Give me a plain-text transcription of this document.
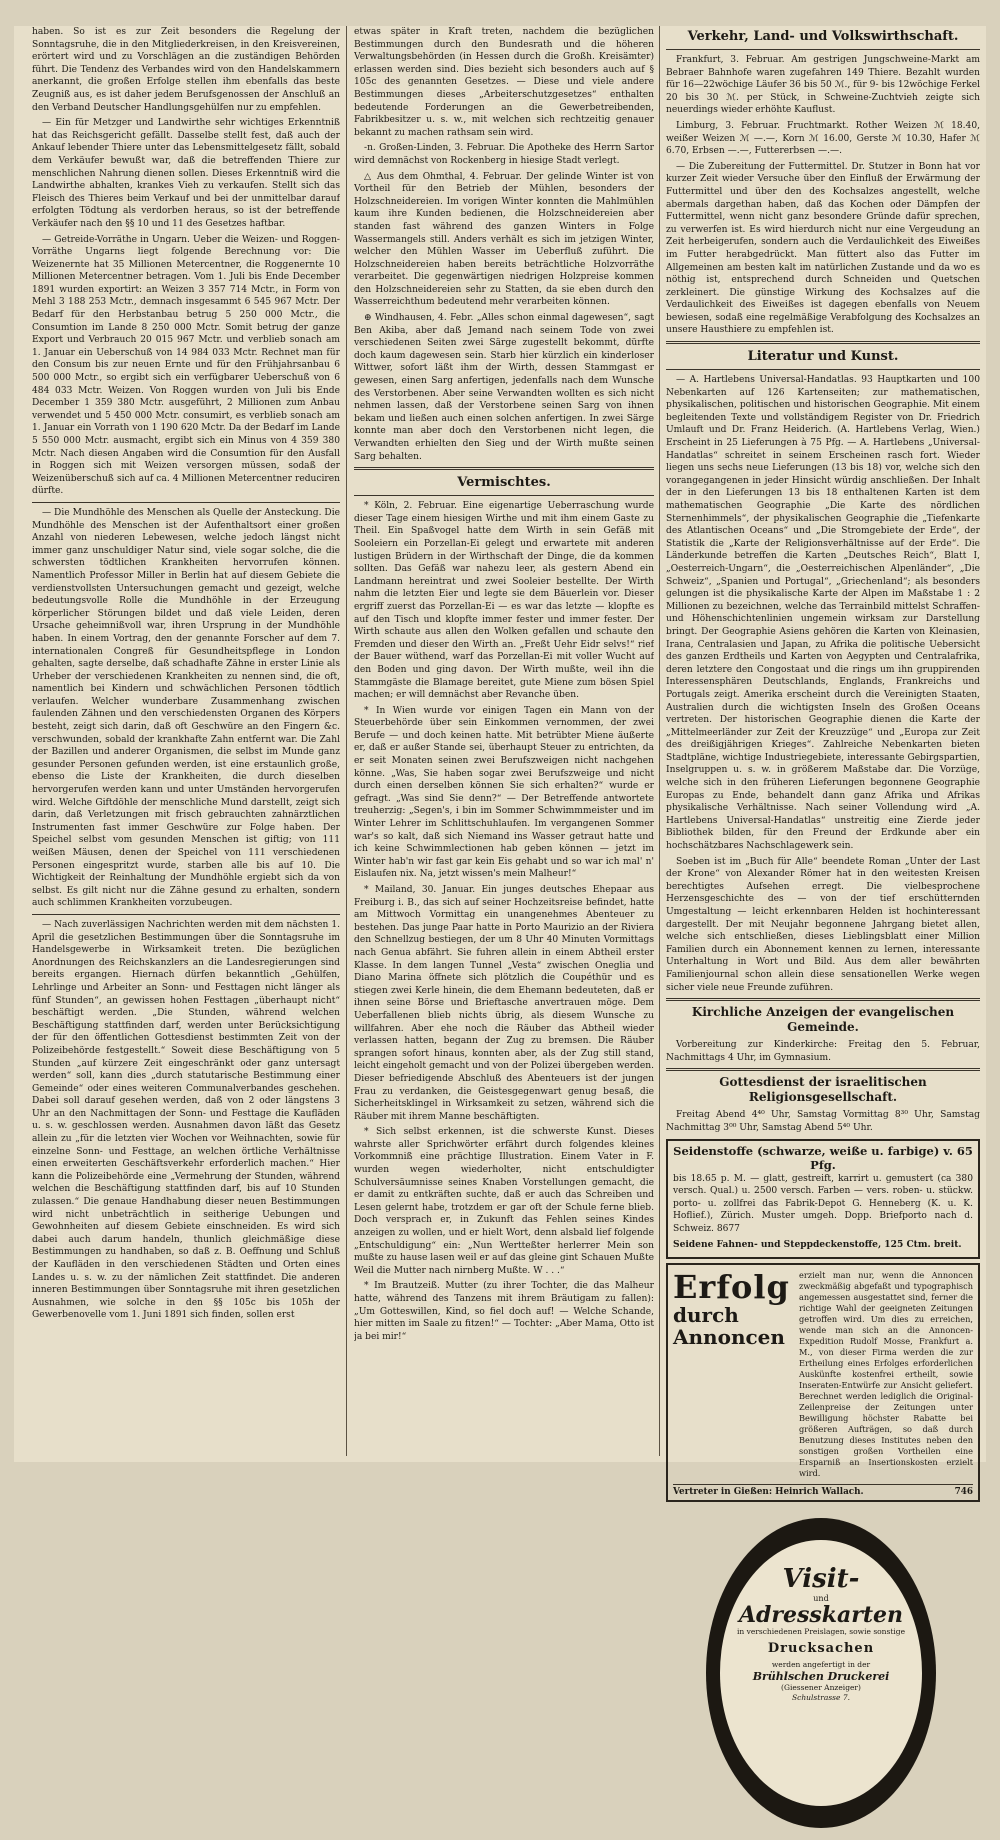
haben. So ist es zur Zeit besonders die Regelung der Sonntagsruhe, die in den Mitgliederkreisen, in den Kreisvereinen, erörtert wird und zu Vorschlägen an die zuständigen Behörden führt. Die Tendenz des Verbandes wird von den Handelskammern anerkannt, die großen Erfolge stellen ihm ebenfalls das beste Zeugniß aus, es ist daher jedem Berufsgenossen der Anschluß an den Verband Deutscher Handlungsgehülfen nur zu empfehlen.

— Ein für Metzger und Landwirthe sehr wichtiges Erkenntniß hat das Reichsgericht gefällt. Dasselbe stellt fest, daß auch der Ankauf lebender Thiere unter das Lebensmittelgesetz fällt, sobald dem Verkäufer bewußt war, daß die betreffenden Thiere zur menschlichen Nahrung dienen sollen. Dieses Erkenntniß wird die Landwirthe abhalten, krankes Vieh zu verkaufen. Stellt sich das Fleisch des Thieres beim Verkauf und bei der unmittelbar darauf erfolgten Tödtung als verdorben heraus, so ist der betreffende Verkäufer nach den §§ 10 und 11 des Gesetzes haftbar.

— Getreide-Vorräthe in Ungarn. Ueber die Weizen- und Roggen-Vorräthe Ungarns liegt folgende Berechnung vor: Die Weizenernte hat 35 Millionen Metercentner, die Roggenernte 10 Millionen Metercentner betragen. Vom 1. Juli bis Ende December 1891 wurden exportirt: an Weizen 3 357 714 Mctr., in Form von Mehl 3 188 253 Mctr., demnach insgesammt 6 545 967 Mctr. Der Bedarf für den Herbstanbau betrug 5 250 000 Mctr., die Consumtion im Lande 8 250 000 Mctr. Somit betrug der ganze Export und Verbrauch 20 015 967 Mctr. und verblieb sonach am 1. Januar ein Ueberschuß von 14 984 033 Mctr. Rechnet man für den Consum bis zur neuen Ernte und für den Frühjahrsanbau 6 500 000 Mctr., so ergibt sich ein verfügbarer Ueberschuß von 6 484 033 Mctr. Weizen. Von Roggen wurden von Juli bis Ende December 1 359 380 Mctr. ausgeführt, 2 Millionen zum Anbau verwendet und 5 450 000 Mctr. consumirt, es verblieb sonach am 1. Januar ein Vorrath von 1 190 620 Mctr. Da der Bedarf im Lande 5 550 000 Mctr. ausmacht, ergibt sich ein Minus von 4 359 380 Mctr. Nach diesen Angaben wird die Consumtion für den Ausfall in Roggen sich mit Weizen versorgen müssen, sodaß der Weizenüberschuß sich auf ca. 4 Millionen Metercentner reduciren dürfte.

— Die Mundhöhle des Menschen als Quelle der Ansteckung. Die Mundhöhle des Menschen ist der Aufenthaltsort einer großen Anzahl von niederen Lebewesen, welche jedoch längst nicht immer ganz unschuldiger Natur sind, viele sogar solche, die die schwersten tödtlichen Krankheiten hervorrufen können. Namentlich Professor Miller in Berlin hat auf diesem Gebiete die verdienstvollsten Untersuchungen gemacht und gezeigt, welche bedeutungsvolle Rolle die Mundhöhle in der Erzeugung körperlicher Störungen bildet und daß viele Leiden, deren Ursache geheimnißvoll war, ihren Ursprung in der Mundhöhle haben. In einem Vortrag, den der genannte Forscher auf dem 7. internationalen Congreß für Gesundheitspflege in London gehalten, sagte derselbe, daß schadhafte Zähne in erster Linie als Urheber der verschiedenen Krankheiten zu nennen sind, die oft, namentlich bei Kindern und schwächlichen Personen tödtlich verlaufen. Welcher wunderbare Zusammenhang zwischen faulenden Zähnen und den verschiedensten Organen des Körpers besteht, zeigt sich darin, daß oft Geschwüre an den Fingern &c. verschwunden, sobald der krankhafte Zahn entfernt war. Die Zahl der Bazillen und anderer Organismen, die selbst im Munde ganz gesunder Personen gefunden werden, ist eine erstaunlich große, ebenso die Liste der Krankheiten, die durch dieselben hervorgerufen werden kann und unter Umständen hervorgerufen wird. Welche Giftdöhle der menschliche Mund darstellt, zeigt sich darin, daß Verletzungen mit frisch gebrauchten zahnärztlichen Instrumenten fast immer Geschwüre zur Folge haben. Der Speichel selbst vom gesunden Menschen ist giftig; von 111 weißen Mäusen, denen der Speichel von 111 verschiedenen Personen eingespritzt wurde, starben alle bis auf 10. Die Wichtigkeit der Reinhaltung der Mundhöhle ergiebt sich da von selbst. Es gilt nicht nur die Zähne gesund zu erhalten, sondern auch schlimmen Krankheiten vorzubeugen.

— Nach zuverlässigen Nachrichten werden mit dem nächsten 1. April die gesetzlichen Bestimmungen über die Sonntagsruhe im Handelsgewerbe in Wirksamkeit treten. Die bezüglichen Anordnungen des Reichskanzlers an die Landesregierungen sind bereits ergangen. Hiernach dürfen bekanntlich „Gehülfen, Lehrlinge und Arbeiter an Sonn- und Festtagen nicht länger als fünf Stunden“, an gewissen hohen Festtagen „überhaupt nicht“ beschäftigt werden. „Die Stunden, während welchen Beschäftigung stattfinden darf, werden unter Berücksichtigung der für den öffentlichen Gottesdienst bestimmten Zeit von der Polizeibehörde festgestellt.“ Soweit diese Beschäftigung von 5 Stunden „auf kürzere Zeit eingeschränkt oder ganz untersagt werden“ soll, kann dies „durch statutarische Bestimmung einer Gemeinde“ oder eines weiteren Communalverbandes geschehen. Dabei soll darauf gesehen werden, daß von 2 oder längstens 3 Uhr an den Nachmittagen der Sonn- und Festtage die Kaufläden u. s. w. geschlossen werden. Ausnahmen davon läßt das Gesetz allein zu „für die letzten vier Wochen vor Weihnachten, sowie für einzelne Sonn- und Festtage, an welchen örtliche Verhältnisse einen erweiterten Geschäftsverkehr erforderlich machen.“ Hier kann die Polizeibehörde eine „Vermehrung der Stunden, während welchen die Beschäftigung stattfinden darf, bis auf 10 Stunden zulassen.“ Die genaue Handhabung dieser neuen Bestimmungen wird nicht unbeträchtlich in seitherige Uebungen und Gewohnheiten auf diesem Gebiete einschneiden. Es wird sich dabei auch darum handeln, thunlich gleichmäßige diese Bestimmungen zu handhaben, so daß z. B. Oeffnung und Schluß der Kaufläden in den verschiedenen Städten und Orten eines Landes u. s. w. zu der nämlichen Zeit stattfindet. Die anderen inneren Bestimmungen über Sonntagsruhe mit ihren gesetzlichen Ausnahmen, wie solche in den §§ 105c bis 105h der Gewerbenovelle vom 1. Juni 1891 sich finden, sollen erst

etwas später in Kraft treten, nachdem die bezüglichen Bestimmungen durch den Bundesrath und die höheren Verwaltungsbehörden (in Hessen durch die Großh. Kreisämter) erlassen werden sind. Dies bezieht sich besonders auch auf § 105c des genannten Gesetzes. — Diese und viele andere Bestimmungen dieses „Arbeiterschutzgesetzes“ enthalten bedeutende Forderungen an die Gewerbetreibenden, Fabrikbesitzer u. s. w., mit welchen sich rechtzeitig genauer bekannt zu machen rathsam sein wird.

-n. Großen-Linden, 3. Februar. Die Apotheke des Herrn Sartor wird demnächst von Rockenberg in hiesige Stadt verlegt.

△ Aus dem Ohmthal, 4. Februar. Der gelinde Winter ist von Vortheil für den Betrieb der Mühlen, besonders der Holzschneidereien. Im vorigen Winter konnten die Mahlmühlen kaum ihre Kunden bedienen, die Holzschneidereien aber standen fast während des ganzen Winters in Folge Wassermangels still. Anders verhält es sich im jetzigen Winter, welcher den Mühlen Wasser im Ueberfluß zuführt. Die Holzschneidereien haben bereits beträchtliche Holzvorräthe verarbeitet. Die gegenwärtigen niedrigen Holzpreise kommen den Holzschneidereien sehr zu Statten, da sie eben durch den Wasserreichthum bedeutend mehr verarbeiten können.

⊕ Windhausen, 4. Febr. „Alles schon einmal dagewesen“, sagt Ben Akiba, aber daß Jemand nach seinem Tode von zwei verschiedenen Seiten zwei Särge zugestellt bekommt, dürfte doch kaum dagewesen sein. Starb hier kürzlich ein kinderloser Wittwer, sofort läßt ihm der Wirth, dessen Stammgast er gewesen, einen Sarg anfertigen, jedenfalls nach dem Wunsche des Verstorbenen. Aber seine Verwandten wollten es sich nicht nehmen lassen, daß der Verstorbene seinen Sarg von ihnen bekam und ließen auch einen solchen anfertigen. In zwei Särge konnte man aber doch den Verstorbenen nicht legen, die Verwandten erhielten den Sieg und der Wirth mußte seinen Sarg behalten.

Vermischtes.

* Köln, 2. Februar. Eine eigenartige Ueberraschung wurde dieser Tage einem hiesigen Wirthe und mit ihm einem Gaste zu Theil. Ein Spaßvogel hatte dem Wirth in sein Gefäß mit Sooleiern ein Porzellan-Ei gelegt und erwartete mit anderen lustigen Brüdern in der Wirthschaft der Dinge, die da kommen sollten. Das Gefäß war nahezu leer, als gestern Abend ein Landmann hereintrat und zwei Sooleier bestellte. Der Wirth nahm die letzten Eier und legte sie dem Bäuerlein vor. Dieser ergriff zuerst das Porzellan-Ei — es war das letzte — klopfte es auf den Tisch und klopfte immer fester und immer fester. Der Wirth schaute aus allen den Wolken gefallen und schaute den Fremden und dieser den Wirth an. „Freßt Uehr Eidr selvs!“ rief der Bauer wüthend, warf das Porzellan-Ei mit voller Wucht auf den Boden und ging davon. Der Wirth mußte, weil ihn die Stammgäste die Blamage bereitet, gute Miene zum bösen Spiel machen; er will demnächst aber Revanche üben.

* In Wien wurde vor einigen Tagen ein Mann von der Steuerbehörde über sein Einkommen vernommen, der zwei Berufe — und doch keinen hatte. Mit betrübter Miene äußerte er, daß er außer Stande sei, überhaupt Steuer zu entrichten, da er seit Monaten seinen zwei Berufszweigen nicht nachgehen könne. „Was, Sie haben sogar zwei Berufszweige und nicht durch einen derselben können Sie sich erhalten?“ wurde er gefragt. „Was sind Sie denn?“ — Der Betreffende antwortete treuherzig: „Segen's, i bin im Sommer Schwimmmeister und im Winter Lehrer im Schlittschuhlaufen. Im vergangenen Sommer war's so kalt, daß sich Niemand ins Wasser getraut hatte und ich keine Schwimmlectionen hab geben können — jetzt im Winter hab'n wir fast gar kein Eis gehabt und so war ich mal' n' Eislaufen nix. Na, jetzt wissen's mein Malheur!“

* Mailand, 30. Januar. Ein junges deutsches Ehepaar aus Freiburg i. B., das sich auf seiner Hochzeitsreise befindet, hatte am Mittwoch Vormittag ein unangenehmes Abenteuer zu bestehen. Das junge Paar hatte in Porto Maurizio an der Riviera den Schnellzug bestiegen, der um 8 Uhr 40 Minuten Vormittags nach Genua abfährt. Sie fuhren allein in einem Abtheil erster Klasse. In dem langen Tunnel „Vesta“ zwischen Oneglia und Diano Marina öffnete sich plötzlich die Coupéthür und es stiegen zwei Kerle hinein, die dem Ehemann bedeuteten, daß er ihnen seine Börse und Brieftasche anvertrauen möge. Dem Ueberfallenen blieb nichts übrig, als diesem Wunsche zu willfahren. Aber ehe noch die Räuber das Abtheil wieder verlassen hatten, begann der Zug zu bremsen. Die Räuber sprangen sofort hinaus, konnten aber, als der Zug still stand, leicht eingeholt gemacht und von der Polizei übergeben werden. Dieser befriedigende Abschluß des Abenteuers ist der jungen Frau zu verdanken, die Geistesgegenwart genug besaß, die Sicherheitsklingel in Wirksamkeit zu setzen, während sich die Räuber mit ihrem Manne beschäftigten.

* Sich selbst erkennen, ist die schwerste Kunst. Dieses wahrste aller Sprichwörter erfährt durch folgendes kleines Vorkommniß eine prächtige Illustration. Einem Vater in F. wurden wegen wiederholter, nicht entschuldigter Schulversäumnisse seines Knaben Vorstellungen gemacht, die er damit zu entkräften suchte, daß er auch das Schreiben und Lesen gelernt habe, trotzdem er gar oft der Schule ferne blieb. Doch versprach er, in Zukunft das Fehlen seines Kindes anzeigen zu wollen, und er hielt Wort, denn alsbald lief folgende „Entschuldigung“ ein: „Nun Wertteßter herlerrer Mein son mußte zu hause lasen weil er auf das gleine gint Schauen Mußte Weil die Mutter nach nirnberg Mußte. W . . .“

* Im Brautzeiß. Mutter (zu ihrer Tochter, die das Malheur hatte, während des Tanzens mit ihrem Bräutigam zu fallen): „Um Gotteswillen, Kind, so fiel doch auf! — Welche Schande, hier mitten im Saale zu fitzen!“ — Tochter: „Aber Mama, Otto ist ja bei mir!“

Verkehr, Land- und Volkswirthschaft.

Frankfurt, 3. Februar. Am gestrigen Jungschweine-Markt am Bebraer Bahnhofe waren zugefahren 149 Thiere. Bezahlt wurden für 16—22wöchige Läufer 36 bis 50 ℳ., für 9- bis 12wöchige Ferkel 20 bis 30 ℳ. per Stück, in Schweine-Zuchtvieh zeigte sich neuerdings wieder erhöhte Kauflust.

Limburg, 3. Februar. Fruchtmarkt. Rother Weizen ℳ 18.40, weißer Weizen ℳ —.—, Korn ℳ 16.00, Gerste ℳ 10.30, Hafer ℳ 6.70, Erbsen —.—, Futtererbsen —.—.

— Die Zubereitung der Futtermittel. Dr. Stutzer in Bonn hat vor kurzer Zeit wieder Versuche über den Einfluß der Erwärmung der Futtermittel und über den des Kochsalzes angestellt, welche abermals dargethan haben, daß das Kochen oder Dämpfen der Futtermittel, wenn nicht ganz besondere Gründe dafür sprechen, zu verwerfen ist. Es wird hierdurch nicht nur eine Vergeudung an Zeit herbeigerufen, sondern auch die Verdaulichkeit des Eiweißes im Futter herabgedrückt. Man füttert also das Futter im Allgemeinen am besten kalt im natürlichen Zustande und da wo es nöthig ist, entsprechend durch Schneiden und Quetschen zerkleinert. Die günstige Wirkung des Kochsalzes auf die Verdaulichkeit des Eiweißes ist dagegen ebenfalls von Neuem bewiesen, sodaß eine regelmäßige Verabfolgung des Kochsalzes an unsere Hausthiere zu empfehlen ist.

Literatur und Kunst.

— A. Hartlebens Universal-Handatlas. 93 Hauptkarten und 100 Nebenkarten auf 126 Kartenseiten; zur mathematischen, physikalischen, politischen und historischen Geographie. Mit einem begleitenden Texte und vollständigem Register von Dr. Friedrich Umlauft und Dr. Franz Heiderich. (A. Hartlebens Verlag, Wien.) Erscheint in 25 Lieferungen à 75 Pfg. — A. Hartlebens „Universal-Handatlas“ schreitet in seinem Erscheinen rasch fort. Wieder liegen uns sechs neue Lieferungen (13 bis 18) vor, welche sich den vorangegangenen in jeder Hinsicht würdig anschließen. Der Inhalt der in den Lieferungen 13 bis 18 enthaltenen Karten ist dem mathematischen Geographie „Die Karte des nördlichen Sternenhimmels“, der physikalischen Geographie die „Tiefenkarte des Atlantischen Oceans“ und „Die Stromgebiete der Erde“, der Statistik die „Karte der Religionsverhältnisse auf der Erde“. Die Länderkunde betreffen die Karten „Deutsches Reich“, Blatt I, „Oesterreich-Ungarn“, die „Oesterreichischen Alpenländer“, „Die Schweiz“, „Spanien und Portugal“, „Griechenland“; als besonders gelungen ist die physikalische Karte der Alpen im Maßstabe 1 : 2 Millionen zu bezeichnen, welche das Terrainbild mittelst Schraffen- und Höhenschichtenlinien ungemein wirksam zur Darstellung bringt. Der Geographie Asiens gehören die Karten von Kleinasien, Irana, Centralasien und Japan, zu Afrika die politische Uebersicht des ganzen Erdtheils und Karten von Aegypten und Centralafrika, deren letztere den Congostaat und die rings um ihn gruppirenden Interessensphären Deutschlands, Englands, Frankreichs und Portugals zeigt. Amerika erscheint durch die Vereinigten Staaten, Australien durch die wichtigsten Inseln des Großen Oceans vertreten. Der historischen Geographie dienen die Karte der „Mittelmeerländer zur Zeit der Kreuzzüge“ und „Europa zur Zeit des dreißigjährigen Krieges“. Zahlreiche Nebenkarten bieten Stadtpläne, wichtige Industriegebiete, interessante Gebirgspartien, Inselgruppen u. s. w. in größerem Maßstabe dar. Die Vorzüge, welche sich in den früheren Lieferungen begonnene Geographie Europas zu Ende, behandelt dann ganz Afrika und Afrikas physikalische Verhältnisse. Nach seiner Vollendung wird „A. Hartlebens Universal-Handatlas“ unstreitig eine Zierde jeder Bibliothek bilden, für den Freund der Erdkunde aber ein hochschätzbares Nachschlagewerk sein.

Soeben ist im „Buch für Alle“ beendete Roman „Unter der Last der Krone“ von Alexander Römer hat in den weitesten Kreisen berechtigtes Aufsehen erregt. Die vielbesprochene Herzensgeschichte des — von der tief erschütternden Umgestaltung — leicht erkennbaren Helden ist hochinteressant dargestellt. Der mit Neujahr begonnene Jahrgang bietet allen, welche sich entschließen, dieses Lieblingsblatt einer Million Familien durch ein Abonnement kennen zu lernen, interessante Unterhaltung in Wort und Bild. Aus dem aller bewährten Familienjournal schon allein diese sensationellen Werke wegen sicher viele neue Freunde zuführen.

Kirchliche Anzeigen der evangelischen Gemeinde.

Vorbereitung zur Kinderkirche: Freitag den 5. Februar, Nachmittags 4 Uhr, im Gymnasium.

Gottesdienst der israelitischen Religionsgesellschaft.

Freitag Abend 4⁴⁰ Uhr, Samstag Vormittag 8³⁰ Uhr, Samstag Nachmittag 3⁰⁰ Uhr, Samstag Abend 5⁴⁰ Uhr.

Seidenstoffe (schwarze, weiße u. farbige) v. 65 Pfg.

bis 18.65 p. M. — glatt, gestreift, karrirt u. gemustert (ca 380 versch. Qual.) u. 2500 versch. Farben — vers. roben- u. stückw. porto- u. zollfrei das Fabrik-Depot G. Henneberg (K. u. K. Hoflief.), Zürich. Muster umgeh. Dopp. Briefporto nach d. Schweiz. 8677

Seidene Fahnen- und Steppdeckenstoffe, 125 Ctm. breit.

Erfolg
durch Annoncen

erzielt man nur, wenn die Annoncen zweckmäßig abgefaßt und typographisch angemessen ausgestattet sind, ferner die richtige Wahl der geeigneten Zeitungen getroffen wird. Um dies zu erreichen, wende man sich an die Annoncen-Expedition Rudolf Mosse, Frankfurt a. M., von dieser Firma werden die zur Ertheilung eines Erfolges erforderlichen Auskünfte kostenfrei ertheilt, sowie Inseraten-Entwürfe zur Ansicht geliefert. Berechnet werden lediglich die Original-Zeilenpreise der Zeitungen unter Bewilligung höchster Rabatte bei größeren Aufträgen, so daß durch Benutzung dieses Institutes neben den sonstigen großen Vortheilen eine Ersparniß an Insertionskosten erzielt wird.

Vertreter in Gießen: Heinrich Wallach.	746
Visit-
und
Adresskarten
in verschiedenen Preislagen, sowie sonstige
Drucksachen
werden angefertigt in der
Brühlschen Druckerei
(Giessener Anzeiger)
Schulstrasse 7.
